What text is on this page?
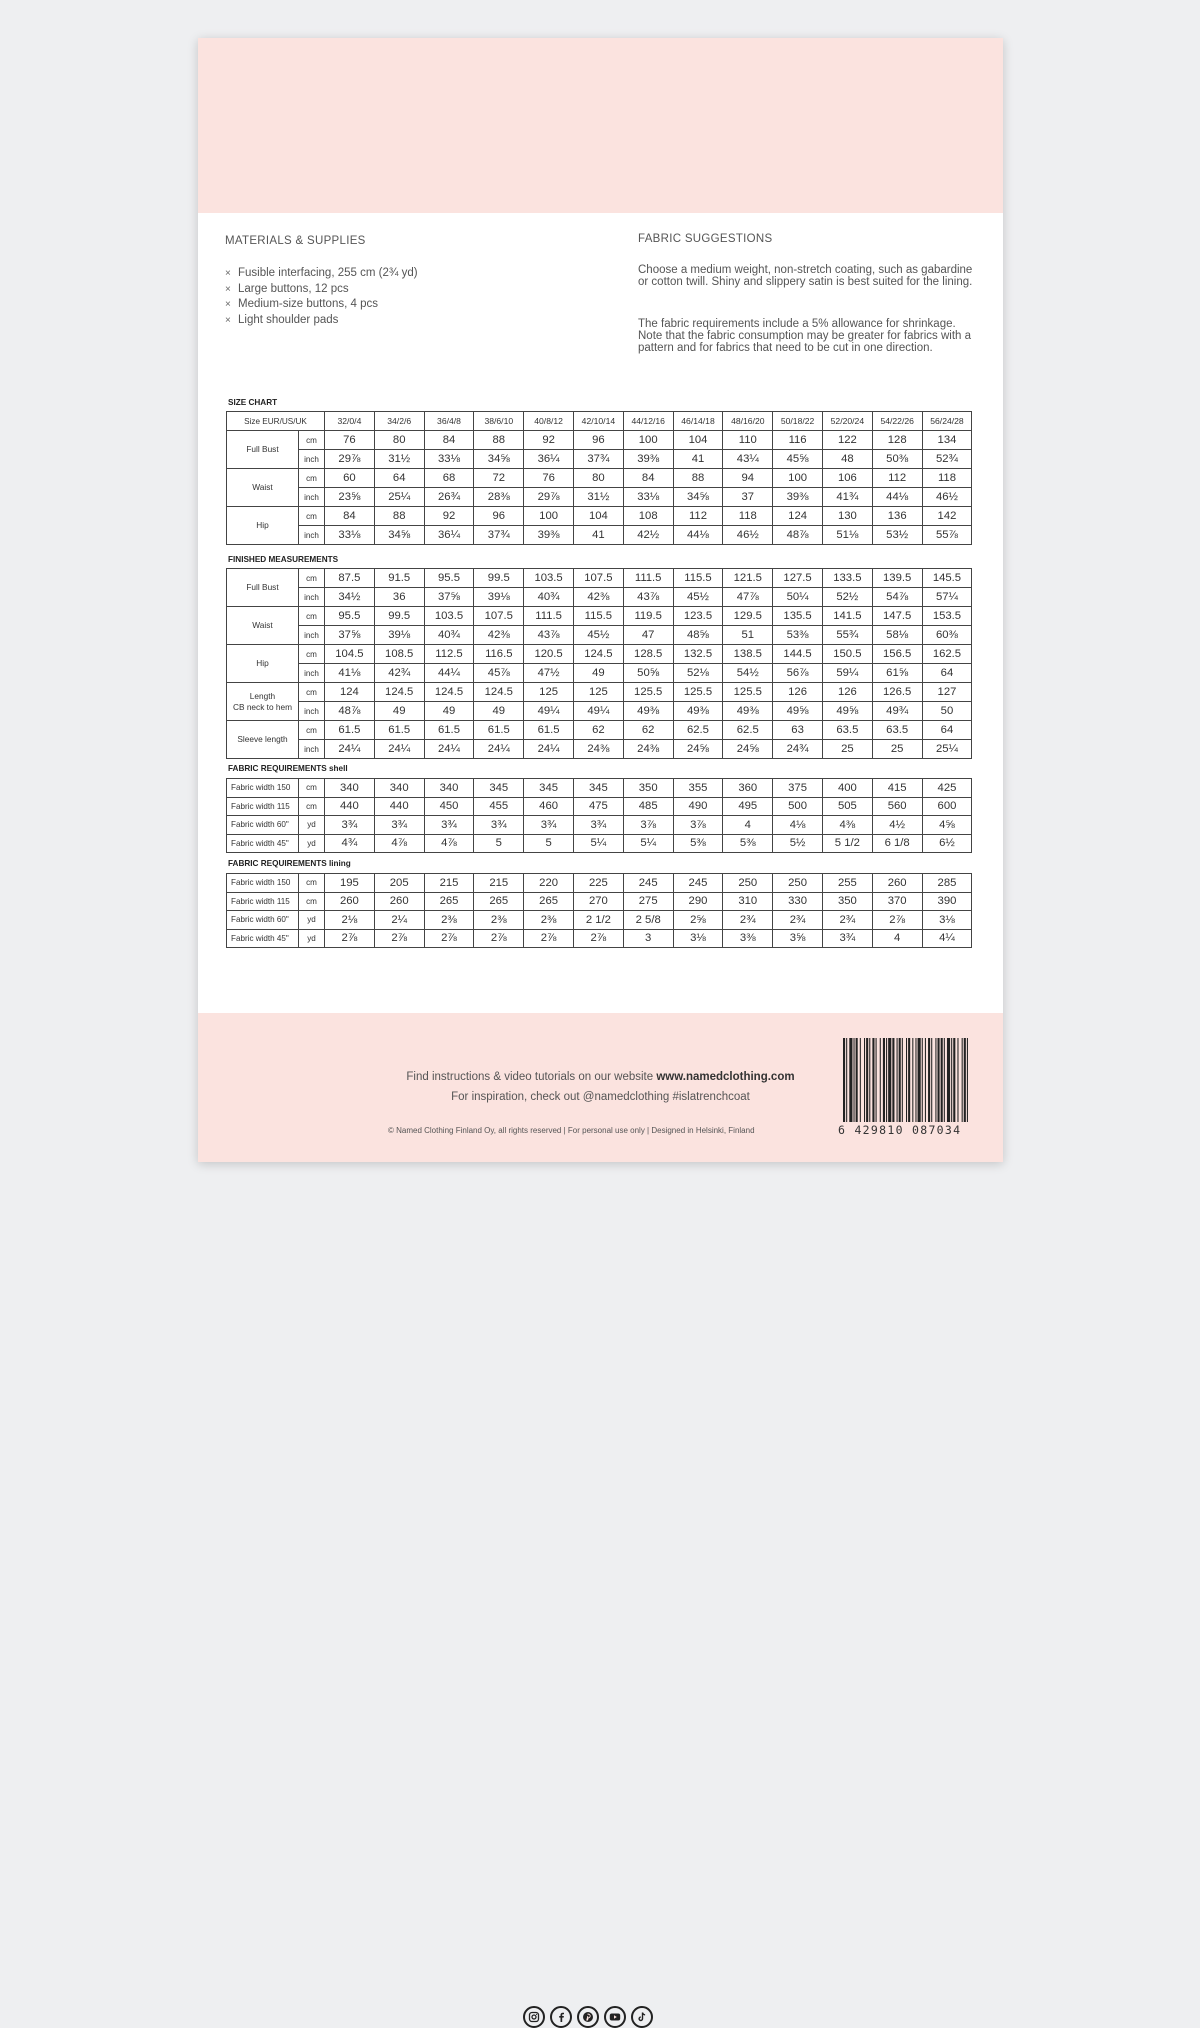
MATERIALS & SUPPLIES
× Fusible interfacing, 255 cm (2¾ yd)
× Large buttons, 12 pcs
× Medium-size buttons, 4 pcs
× Light shoulder pads
FABRIC SUGGESTIONS

Choose a medium weight, non-stretch coating, such as gabardine or cotton twill. Shiny and slippery satin is best suited for the lining.

The fabric requirements include a 5% allowance for shrinkage. Note that the fabric consumption may be greater for fabrics with a pattern and for fabrics that need to be cut in one direction.

SIZE CHART
Size EUR/US/UK		32/0/4	34/2/6	36/4/8	38/6/10	40/8/12	42/10/14	44/12/16	46/14/18	48/16/20	50/18/22	52/20/24	54/22/26	56/24/28
Full Bust	cm	76	80	84	88	92	96	100	104	110	116	122	128	134
	inch	29⅞	31½	33⅛	34⅝	36¼	37¾	39⅜	41	43¼	45⅝	48	50⅜	52¾
Waist	cm	60	64	68	72	76	80	84	88	94	100	106	112	118
	inch	23⅝	25¼	26¾	28⅜	29⅞	31½	33⅛	34⅝	37	39⅜	41¾	44⅛	46½
Hip	cm	84	88	92	96	100	104	108	112	118	124	130	136	142
	inch	33⅛	34⅝	36¼	37¾	39⅜	41	42½	44⅛	46½	48⅞	51⅛	53½	55⅞
FINISHED MEASUREMENTS
Full Bust	cm	87.5	91.5	95.5	99.5	103.5	107.5	111.5	115.5	121.5	127.5	133.5	139.5	145.5
	inch	34½	36	37⅝	39⅛	40¾	42⅜	43⅞	45½	47⅞	50¼	52½	54⅞	57¼
Waist	cm	95.5	99.5	103.5	107.5	111.5	115.5	119.5	123.5	129.5	135.5	141.5	147.5	153.5
	inch	37⅝	39⅛	40¾	42⅜	43⅞	45½	47	48⅝	51	53⅜	55¾	58⅛	60⅜
Hip	cm	104.5	108.5	112.5	116.5	120.5	124.5	128.5	132.5	138.5	144.5	150.5	156.5	162.5
	inch	41⅛	42¾	44¼	45⅞	47½	49	50⅝	52⅛	54½	56⅞	59¼	61⅝	64
Length
CB neck to hem	cm	124	124.5	124.5	124.5	125	125	125.5	125.5	125.5	126	126	126.5	127
	inch	48⅞	49	49	49	49¼	49¼	49⅜	49⅜	49⅜	49⅝	49⅝	49¾	50
Sleeve length	cm	61.5	61.5	61.5	61.5	61.5	62	62	62.5	62.5	63	63.5	63.5	64
	inch	24¼	24¼	24¼	24¼	24¼	24⅜	24⅜	24⅝	24⅝	24¾	25	25	25¼
FABRIC REQUIREMENTS shell
Fabric width 150	cm	340	340	340	345	345	345	350	355	360	375	400	415	425
Fabric width 115	cm	440	440	450	455	460	475	485	490	495	500	505	560	600
Fabric width 60"	yd	3¾	3¾	3¾	3¾	3¾	3¾	3⅞	3⅞	4	4⅛	4⅜	4½	4⅝
Fabric width 45"	yd	4¾	4⅞	4⅞	5	5	5¼	5¼	5⅜	5⅜	5½	5 1/2	6 1/8	6½
FABRIC REQUIREMENTS lining
Fabric width 150	cm	195	205	215	215	220	225	245	245	250	250	255	260	285
Fabric width 115	cm	260	260	265	265	265	270	275	290	310	330	350	370	390
Fabric width 60"	yd	2⅛	2¼	2⅜	2⅜	2⅜	2 1/2	2 5/8	2⅝	2¾	2¾	2¾	2⅞	3⅛
Fabric width 45"	yd	2⅞	2⅞	2⅞	2⅞	2⅞	2⅞	3	3⅛	3⅜	3⅝	3¾	4	4¼
Find instructions & video tutorials on our website www.namedclothing.com
For inspiration, check out @namedclothing #islatrenchcoat
© Named Clothing Finland Oy, all rights reserved | For personal use only | Designed in Helsinki, Finland	6 429810 087034
